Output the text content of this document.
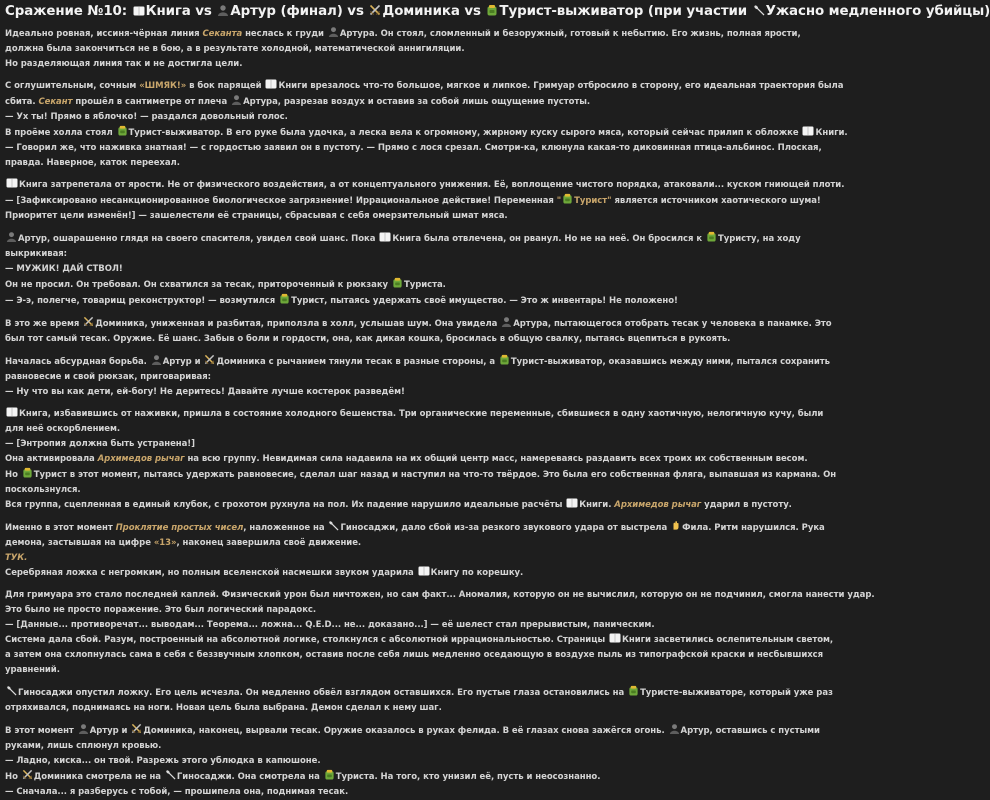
Сражение №10: Книга vs Артур (финал) vs Доминика vs Турист-выживатор (при участии Ужасно медленного убийцы)
Идеально ровная, иссиня-чёрная линия Секанта неслась к груди Артура. Он стоял, сломленный и безоружный, готовый к небытию. Его жизнь, полная ярости,
должна была закончиться не в бою, а в результате холодной, математической аннигиляции.
Но разделяющая линия так и не достигла цели.
С оглушительным, сочным «ШМЯК!» в бок парящей Книги врезалось что-то большое, мягкое и липкое. Гримуар отбросило в сторону, его идеальная траектория была
сбита. Секант прошёл в сантиметре от плеча Артура, разрезав воздух и оставив за собой лишь ощущение пустоты.
— Ух ты! Прямо в яблочко! — раздался довольный голос.
В проёме холла стоял Турист-выживатор. В его руке была удочка, а леска вела к огромному, жирному куску сырого мяса, который сейчас прилип к обложке Книги.
— Говорил же, что наживка знатная! — с гордостью заявил он в пустоту. — Прямо с лося срезал. Смотри-ка, клюнула какая-то диковинная птица-альбинос. Плоская,
правда. Наверное, каток переехал.
Книга затрепетала от ярости. Не от физического воздействия, а от концептуального унижения. Её, воплощение чистого порядка, атаковали... куском гниющей плоти.
— [Зафиксировано несанкционированное биологическое загрязнение! Иррациональное действие! Переменная " Турист" является источником хаотического шума!
Приоритет цели изменён!] — зашелестели её страницы, сбрасывая с себя омерзительный шмат мяса.
Артур, ошарашенно глядя на своего спасителя, увидел свой шанс. Пока Книга была отвлечена, он рванул. Но не на неё. Он бросился к Туристу, на ходу
выкрикивая:
— МУЖИК! ДАЙ СТВОЛ!
Он не просил. Он требовал. Он схватился за тесак, притороченный к рюкзаку Туриста.
— Э-э, полегче, товарищ реконструктор! — возмутился Турист, пытаясь удержать своё имущество. — Это ж инвентарь! Не положено!
В это же время Доминика, униженная и разбитая, приползла в холл, услышав шум. Она увидела Артура, пытающегося отобрать тесак у человека в панамке. Это
был тот самый тесак. Оружие. Её шанс. Забыв о боли и гордости, она, как дикая кошка, бросилась в общую свалку, пытаясь вцепиться в рукоять.
Началась абсурдная борьба. Артур и Доминика с рычанием тянули тесак в разные стороны, а Турист-выживатор, оказавшись между ними, пытался сохранить
равновесие и свой рюкзак, приговаривая:
— Ну что вы как дети, ей-богу! Не деритесь! Давайте лучше костерок разведём!
Книга, избавившись от наживки, пришла в состояние холодного бешенства. Три органические переменные, сбившиеся в одну хаотичную, нелогичную кучу, были
для неё оскорблением.
— [Энтропия должна быть устранена!]
Она активировала Архимедов рычаг на всю группу. Невидимая сила надавила на их общий центр масс, намереваясь раздавить всех троих их собственным весом.
Но Турист в этот момент, пытаясь удержать равновесие, сделал шаг назад и наступил на что-то твёрдое. Это была его собственная фляга, выпавшая из кармана. Он
поскользнулся.
Вся группа, сцепленная в единый клубок, с грохотом рухнула на пол. Их падение нарушило идеальные расчёты Книги. Архимедов рычаг ударил в пустоту.
Именно в этот момент Проклятие простых чисел, наложенное на Гиносаджи, дало сбой из-за резкого звукового удара от выстрела Фила. Ритм нарушился. Рука
демона, застывшая на цифре «13», наконец завершила своё движение.
ТУК.
Серебряная ложка с негромким, но полным вселенской насмешки звуком ударила Книгу по корешку.
Для гримуара это стало последней каплей. Физический урон был ничтожен, но сам факт... Аномалия, которую он не вычислил, которую он не подчинил, смогла нанести удар.
Это было не просто поражение. Это был логический парадокс.
— [Данные... противоречат... выводам... Теорема... ложна... Q.E.D... не... доказано...] — её шелест стал прерывистым, паническим.
Система дала сбой. Разум, построенный на абсолютной логике, столкнулся с абсолютной иррациональностью. Страницы Книги засветились ослепительным светом,
а затем она схлопнулась сама в себя с беззвучным хлопком, оставив после себя лишь медленно оседающую в воздухе пыль из типографской краски и несбывшихся
уравнений.
Гиносаджи опустил ложку. Его цель исчезла. Он медленно обвёл взглядом оставшихся. Его пустые глаза остановились на Туристе-выживаторе, который уже раз
отряхивался, поднимаясь на ноги. Новая цель была выбрана. Демон сделал к нему шаг.
В этот момент Артур и Доминика, наконец, вырвали тесак. Оружие оказалось в руках фелида. В её глазах снова зажёгся огонь. Артур, оставшись с пустыми
руками, лишь сплюнул кровью.
— Ладно, киска... он твой. Разрежь этого ублюдка в капюшоне.
Но Доминика смотрела не на Гиносаджи. Она смотрела на Туриста. На того, кто унизил её, пусть и неосознанно.
— Сначала... я разберусь с тобой, — прошипела она, поднимая тесак.
